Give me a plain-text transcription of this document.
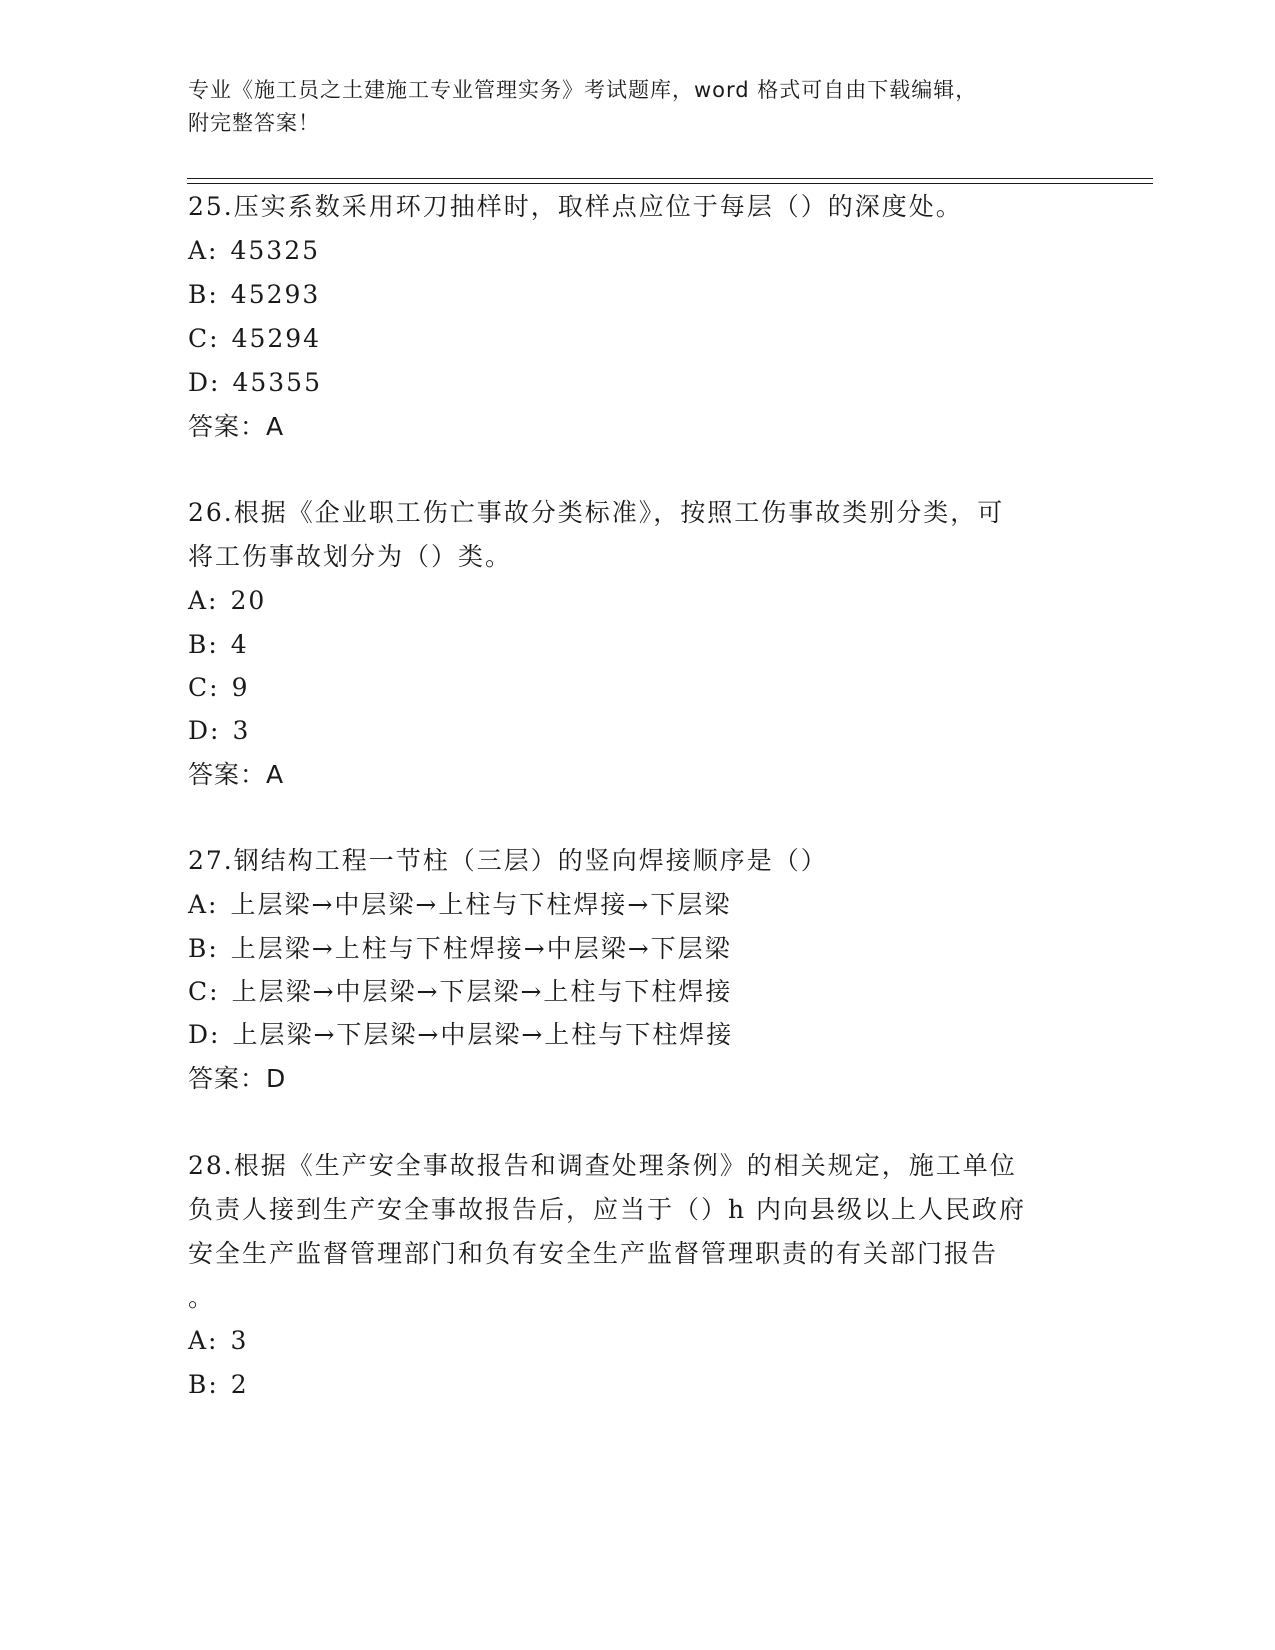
专业《施工员之土建施工专业管理实务》考试题库，word 格式可自由下载编辑，
附完整答案！
25.压实系数采用环刀抽样时，取样点应位于每层（）的深度处。
A: 45325
B: 45293
C: 45294
D: 45355
答案：A
26.根据《企业职工伤亡事故分类标准》，按照工伤事故类别分类，可
将工伤事故划分为（）类。
A: 20
B: 4
C: 9
D: 3
答案：A
27.钢结构工程一节柱（三层）的竖向焊接顺序是（）
A: 上层梁→中层梁→上柱与下柱焊接→下层梁
B: 上层梁→上柱与下柱焊接→中层梁→下层梁
C: 上层梁→中层梁→下层梁→上柱与下柱焊接
D: 上层梁→下层梁→中层梁→上柱与下柱焊接
答案：D
28.根据《生产安全事故报告和调查处理条例》的相关规定，施工单位
负责人接到生产安全事故报告后，应当于（）h 内向县级以上人民政府
安全生产监督管理部门和负有安全生产监督管理职责的有关部门报告
。
A: 3
B: 2
